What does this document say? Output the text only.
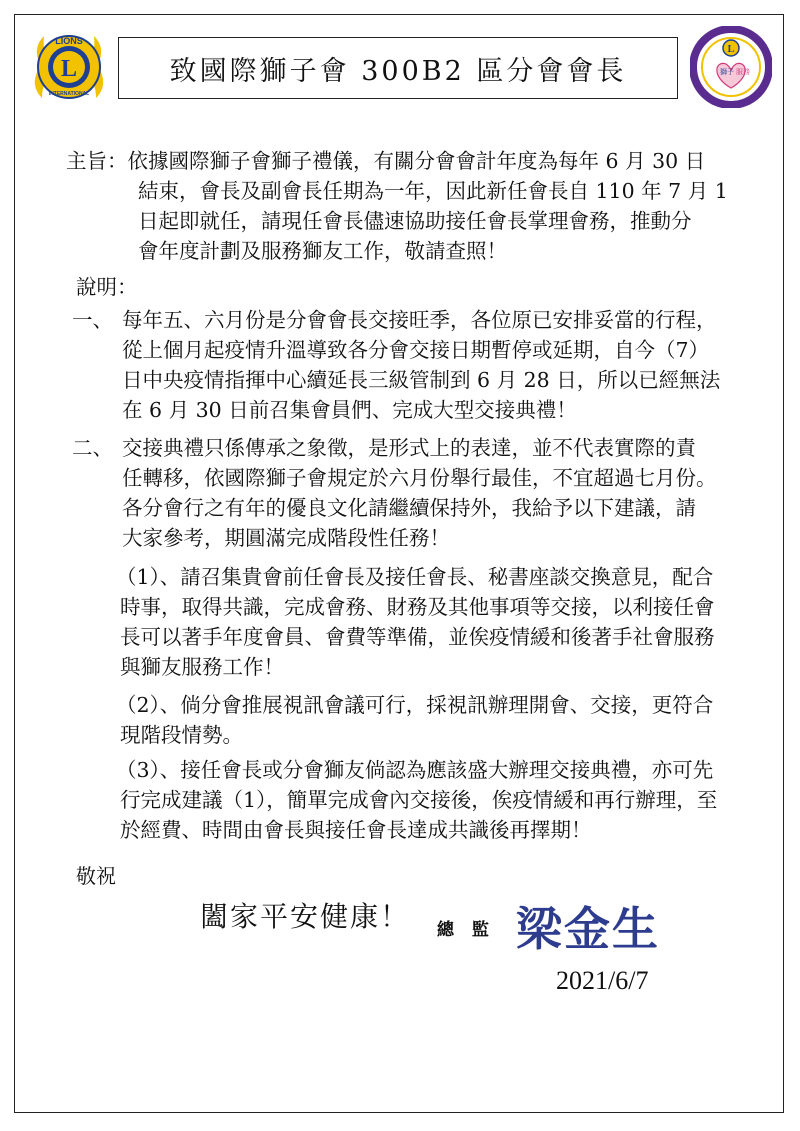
L
LIONS
INTERNATIONAL
L
獅子 服務
致國際獅子會 300B2 區分會會長
主旨：依據國際獅子會獅子禮儀，有關分會會計年度為每年 6 月 30 日
結束，會長及副會長任期為一年，因此新任會長自 110 年 7 月 1
日起即就任，請現任會長儘速協助接任會長掌理會務，推動分
會年度計劃及服務獅友工作，敬請查照！
說明：
一、 每年五、六月份是分會會長交接旺季，各位原已安排妥當的行程，
從上個月起疫情升溫導致各分會交接日期暫停或延期，自今（7）
日中央疫情指揮中心續延長三級管制到 6 月 28 日，所以已經無法
在 6 月 30 日前召集會員們、完成大型交接典禮！
二、 交接典禮只係傳承之象徵，是形式上的表達，並不代表實際的責
任轉移，依國際獅子會規定於六月份舉行最佳，不宜超過七月份。
各分會行之有年的優良文化請繼續保持外，我給予以下建議，請
大家參考，期圓滿完成階段性任務！
（1）、請召集貴會前任會長及接任會長、秘書座談交換意見，配合
時事，取得共識，完成會務、財務及其他事項等交接，以利接任會
長可以著手年度會員、會費等準備，並俟疫情緩和後著手社會服務
與獅友服務工作！
（2）、倘分會推展視訊會議可行，採視訊辦理開會、交接，更符合
現階段情勢。
（3）、接任會長或分會獅友倘認為應該盛大辦理交接典禮，亦可先
行完成建議（1），簡單完成會內交接後，俟疫情緩和再行辦理，至
於經費、時間由會長與接任會長達成共識後再擇期！
敬祝
闔家平安健康！ 總 監 梁金生
2021/6/7
